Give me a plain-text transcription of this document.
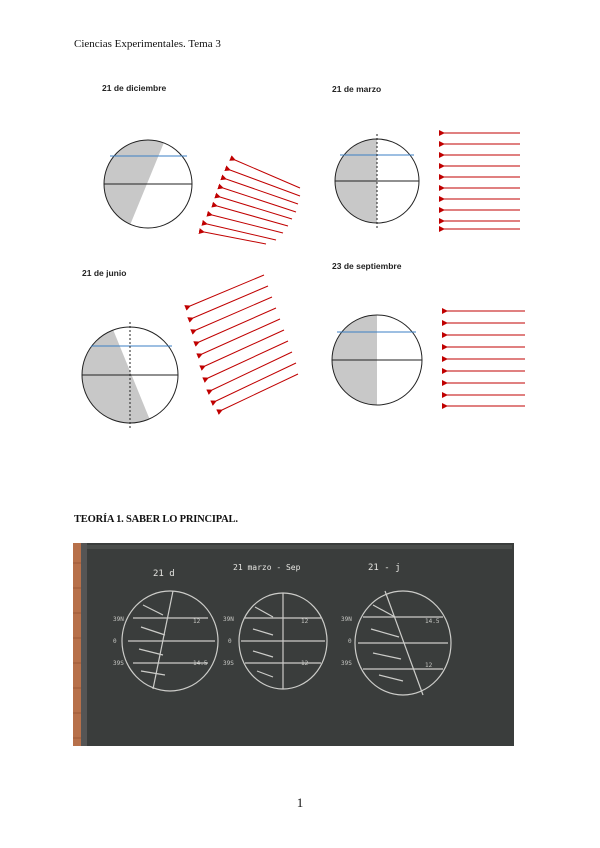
Ciencias Experimentales. Tema 3
21 de diciembre	21 de marzo
21 de junio
23 de septiembre
TEORÍA 1. SABER LO PRINCIPAL.
21 d
21 marzo - Sep	21 - j
39N
0
39S
39N
0
39S
39N
0
39S
12
14.5
12
12
14.5
12
1
